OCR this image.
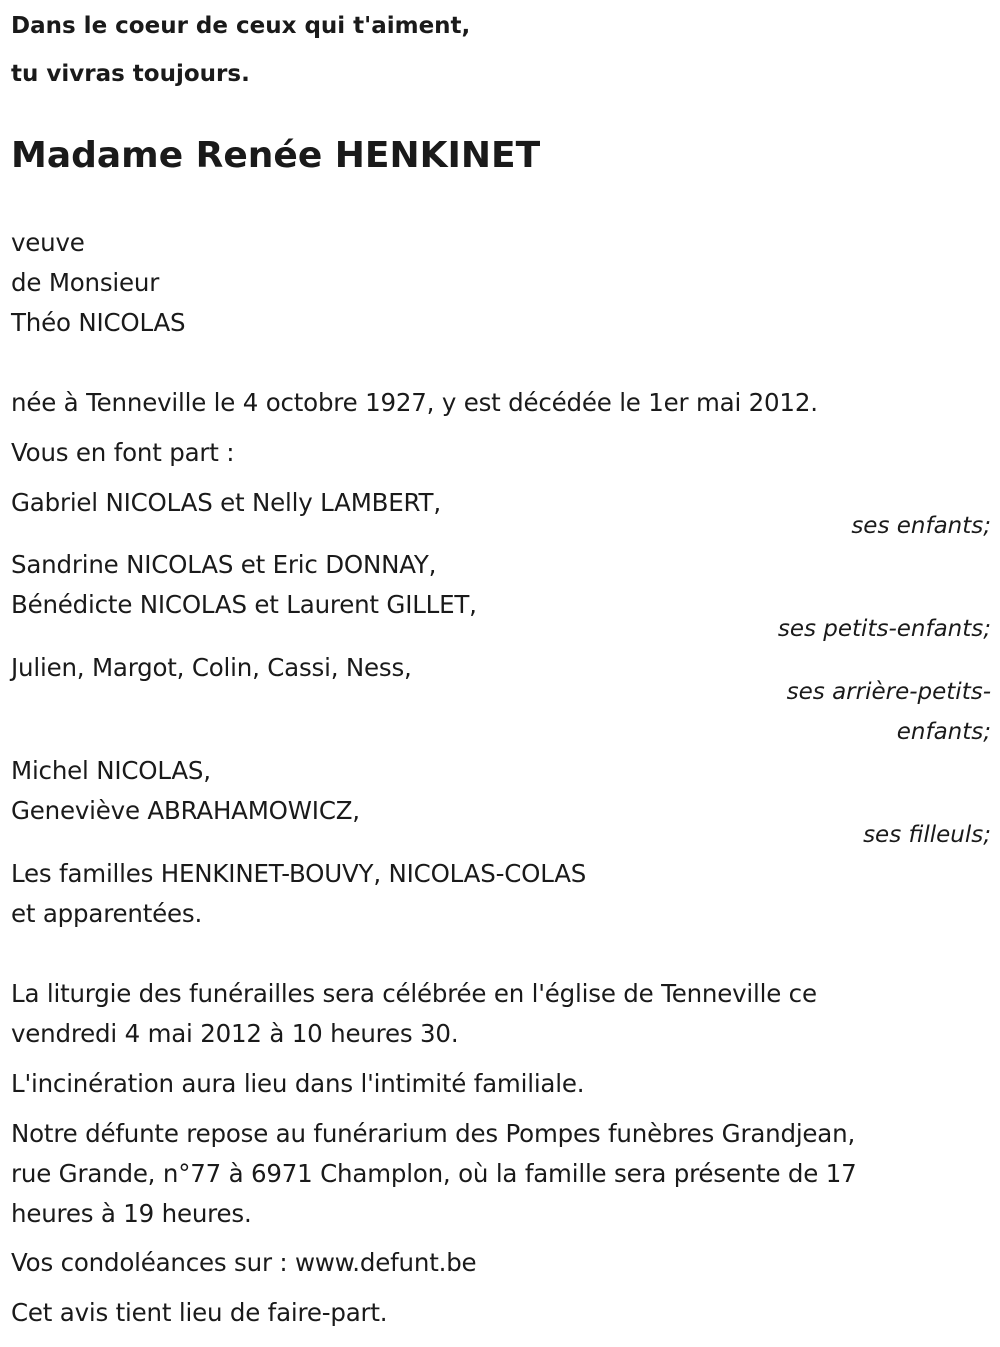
Dans le coeur de ceux qui t'aiment,
tu vivras toujours.
Madame Renée HENKINET
veuve
de Monsieur
Théo NICOLAS
née à Tenneville le 4 octobre 1927, y est décédée le 1er mai 2012.
Vous en font part :
Gabriel NICOLAS et Nelly LAMBERT,
ses enfants;
Sandrine NICOLAS et Eric DONNAY,
Bénédicte NICOLAS et Laurent GILLET,
ses petits-enfants;
Julien, Margot, Colin, Cassi, Ness,
ses arrière-petits-
enfants;
Michel NICOLAS,
Geneviève ABRAHAMOWICZ,
ses filleuls;
Les familles HENKINET-BOUVY, NICOLAS-COLAS
et apparentées.
La liturgie des funérailles sera célébrée en l'église de Tenneville ce
vendredi 4 mai 2012 à 10 heures 30.
L'incinération aura lieu dans l'intimité familiale.
Notre défunte repose au funérarium des Pompes funèbres Grandjean,
rue Grande, n°77 à 6971 Champlon, où la famille sera présente de 17
heures à 19 heures.
Vos condoléances sur : www.defunt.be
Cet avis tient lieu de faire-part.
